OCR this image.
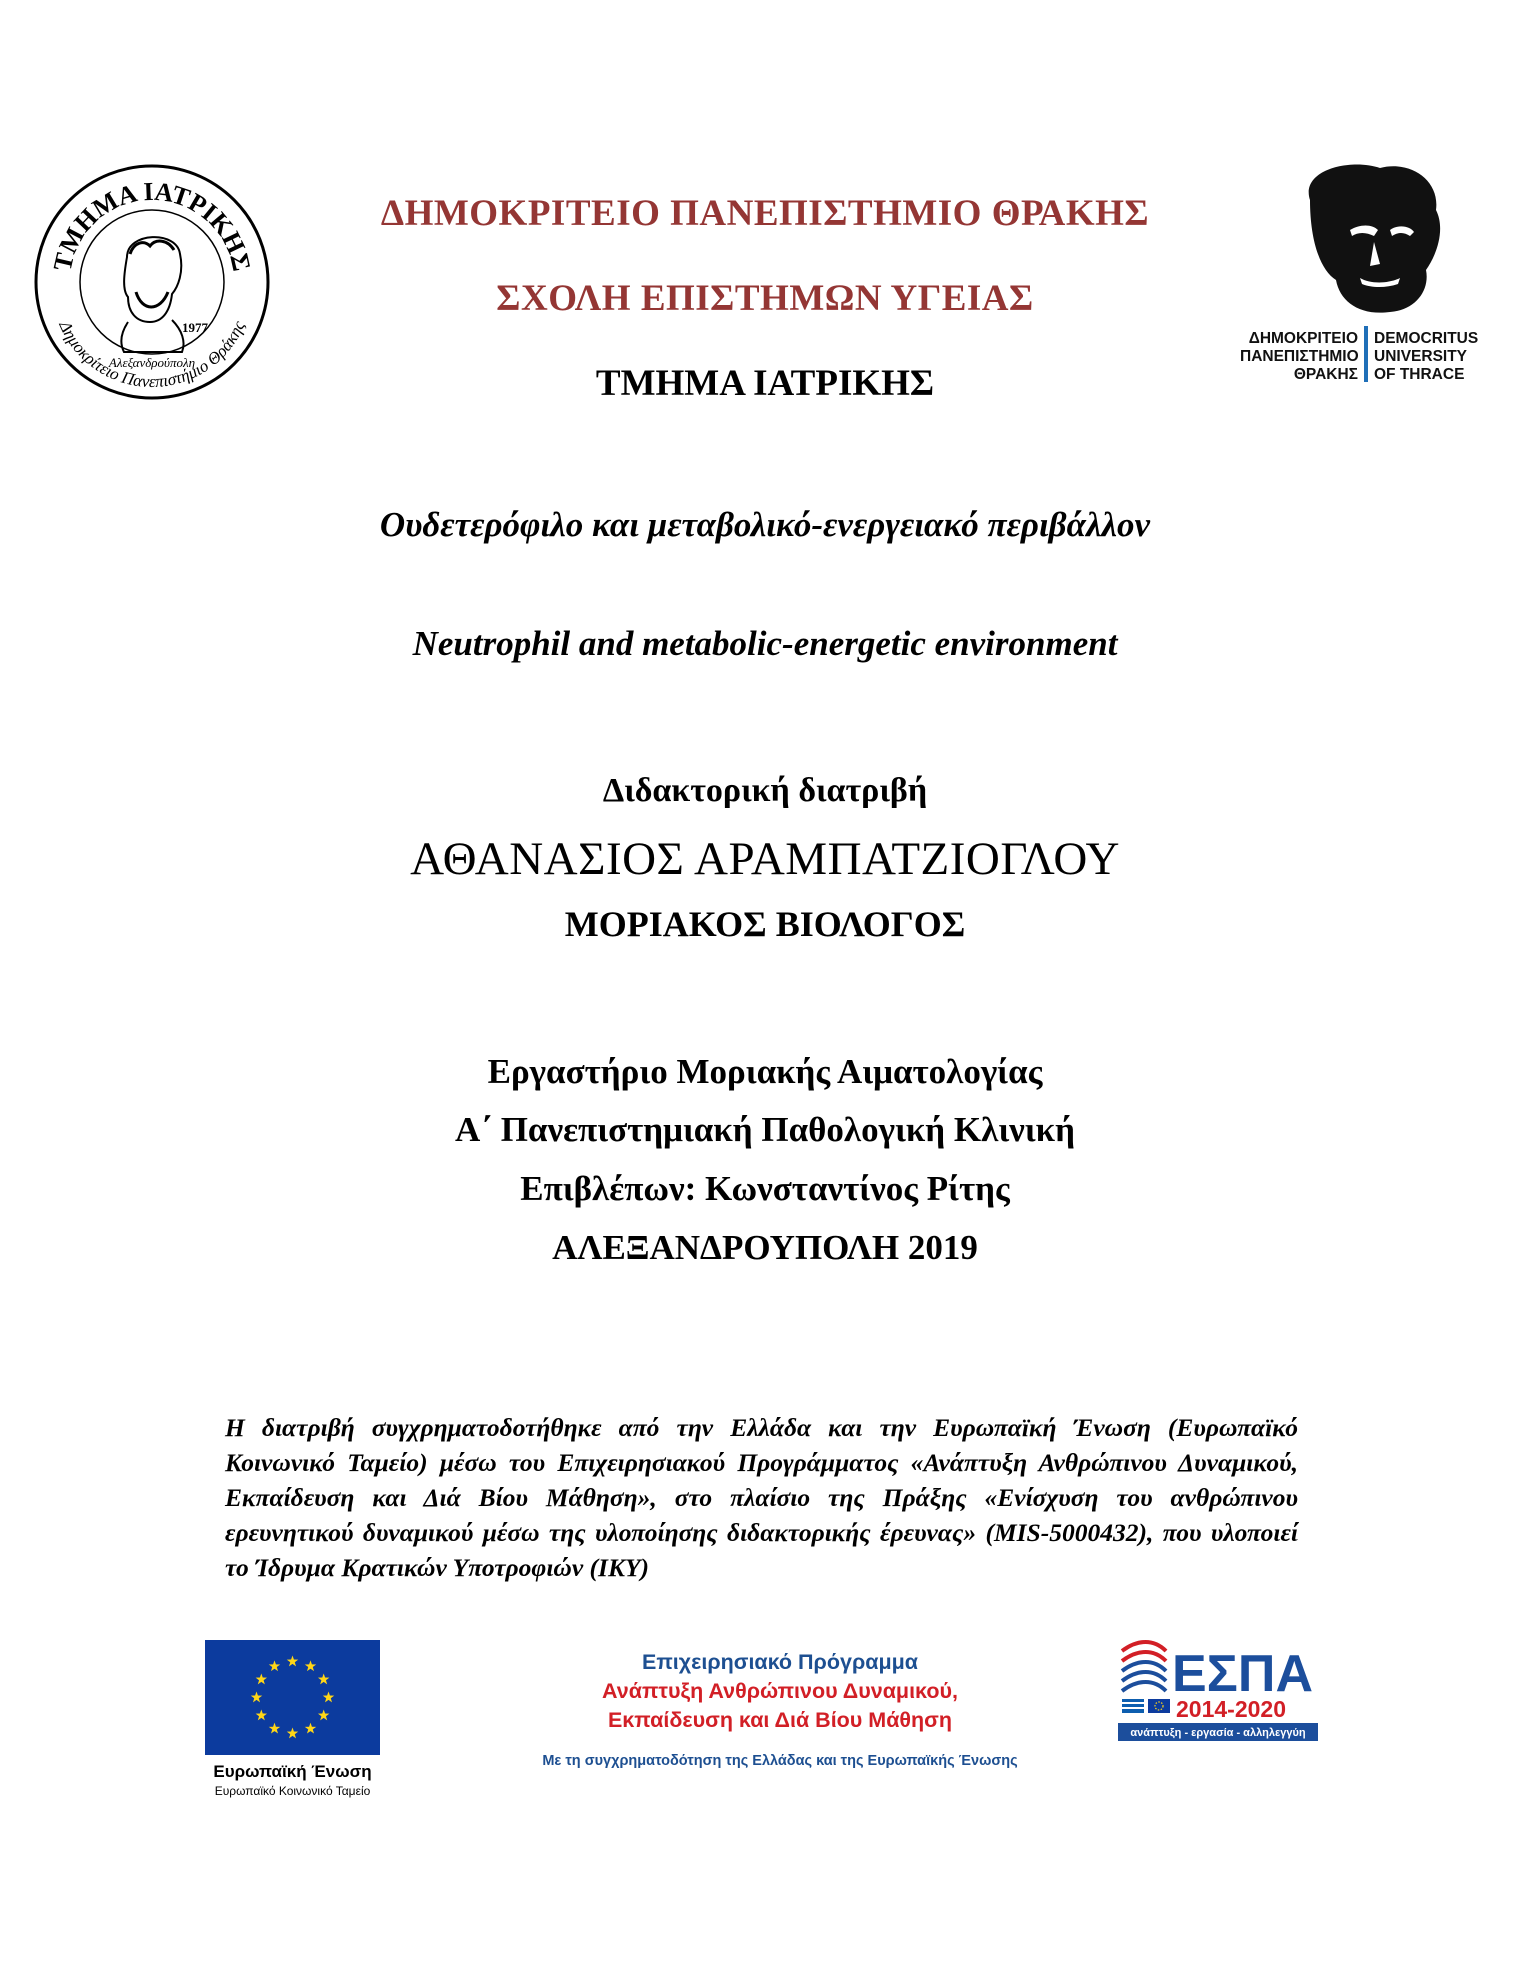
ΤΜΗΜΑ ΙΑΤΡΙΚΗΣ
Δημοκρίτειο Πανεπιστήμιο Θράκης
1977
Αλεξανδρούπολη
ΔΗΜΟΚΡΙΤΕΙΟ ΠΑΝΕΠΙΣΤΗΜΙΟ ΘΡΑΚΗΣ
ΣΧΟΛΗ ΕΠΙΣΤΗΜΩΝ ΥΓΕΙΑΣ
ΤΜΗΜΑ ΙΑΤΡΙΚΗΣ
ΔΗΜΟΚΡΙΤΕΙΟ
ΠΑΝΕΠΙΣΤΗΜΙΟ
ΘΡΑΚΗΣ
DEMOCRITUS
UNIVERSITY
OF THRACE
Ουδετερόφιλο και μεταβολικό-ενεργειακό περιβάλλον
Neutrophil and metabolic-energetic environment
Διδακτορική διατριβή
ΑΘΑΝΑΣΙΟΣ ΑΡΑΜΠΑΤΖΙΟΓΛΟΥ
ΜΟΡΙΑΚΟΣ ΒΙΟΛΟΓΟΣ
Εργαστήριο Μοριακής Αιματολογίας
Α΄ Πανεπιστημιακή Παθολογική Κλινική
Επιβλέπων: Κωνσταντίνος Ρίτης
ΑΛΕΞΑΝΔΡΟΥΠΟΛΗ 2019
Η διατριβή συγχρηματοδοτήθηκε από την Ελλάδα και την Ευρωπαϊκή Ένωση (Ευρωπαϊκό Κοινωνικό Ταμείο) μέσω του Επιχειρησιακού Προγράμματος «Ανάπτυξη Ανθρώπινου Δυναμικού, Εκπαίδευση και Διά Βίου Μάθηση», στο πλαίσιο της Πράξης «Ενίσχυση του ανθρώπινου ερευνητικού δυναμικού μέσω της υλοποίησης διδακτορικής έρευνας» (MIS-5000432), που υλοποιεί το Ίδρυμα Κρατικών Υποτροφιών (ΙΚΥ)
Ευρωπαϊκή Ένωση
Ευρωπαϊκό Κοινωνικό Ταμείο
Επιχειρησιακό Πρόγραμμα
Ανάπτυξη Ανθρώπινου Δυναμικού,
Εκπαίδευση και Διά Βίου Μάθηση
Με τη συγχρηματοδότηση της Ελλάδας και της Ευρωπαϊκής Ένωσης
ΕΣΠΑ
2014-2020
ανάπτυξη - εργασία - αλληλεγγύη
